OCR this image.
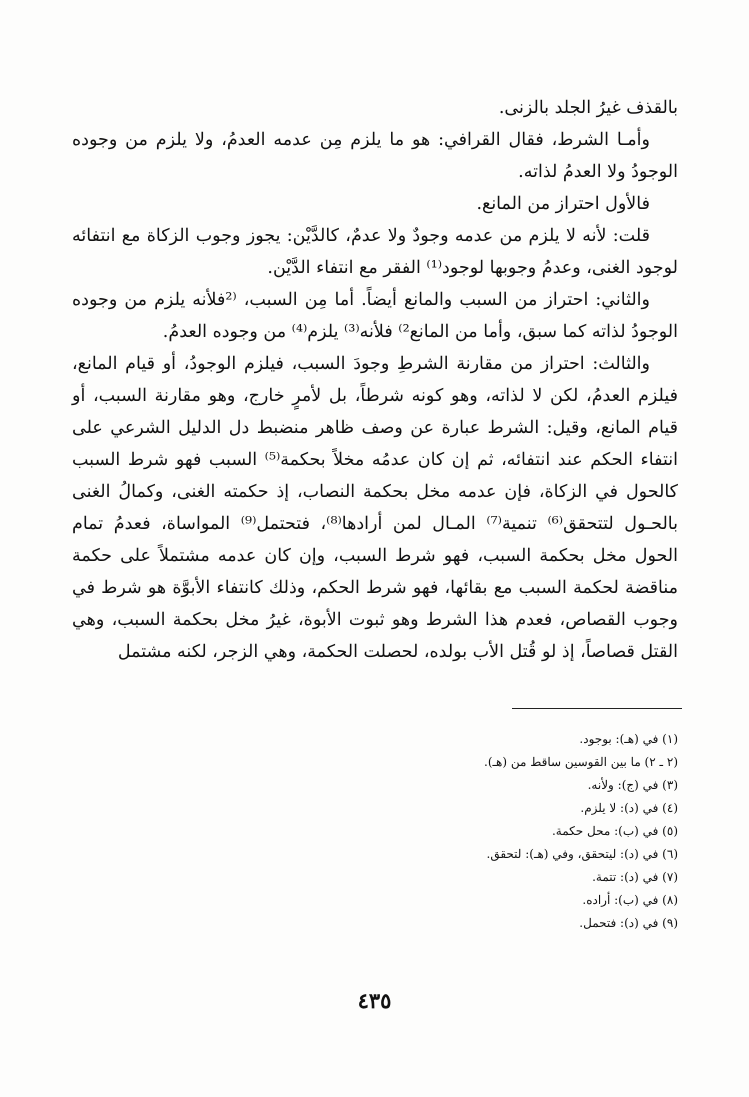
بالقذف غيرُ الجلد بالزنى.

وأمـا الشرط، فقال القرافي: هو ما يلزم مِن عدمه العدمُ، ولا يلزم من وجوده الوجودُ ولا العدمُ لذاته.

فالأول احتراز من المانع.

قلت: لأنه لا يلزم من عدمه وجودٌ ولا عدمٌ، كالدَّيْن: يجوز وجوب الزكاة مع انتفائه لوجود الغنى، وعدمُ وجوبها لوجود⁽¹⁾ الفقر مع انتفاء الدَّيْن.

والثاني: احتراز من السبب والمانع أيضاً. أما مِن السبب، ⁽²فلأنه يلزم من وجوده الوجودُ لذاته كما سبق، وأما من المانع²⁾ فلأنه⁽³⁾ يلزم⁽⁴⁾ من وجوده العدمُ.

والثالث: احتراز من مقارنة الشرطِ وجودَ السبب، فيلزم الوجودُ، أو قيام المانع، فيلزم العدمُ، لكن لا لذاته، وهو كونه شرطاً، بل لأمرٍ خارج، وهو مقارنة السبب، أو قيام المانع، وقيل: الشرط عبارة عن وصف ظاهر منضبط دل الدليل الشرعي على انتفاء الحكم عند انتفائه، ثم إن كان عدمُه مخلاً بحكمة⁽⁵⁾ السبب فهو شرط السبب كالحول في الزكاة، فإن عدمه مخل بحكمة النصاب، إذ حكمته الغنى، وكمالُ الغنى بالحـول لتتحقق⁽⁶⁾ تنمية⁽⁷⁾ المـال لمن أرادها⁽⁸⁾، فتحتمل⁽⁹⁾ المواساة، فعدمُ تمام الحول مخل بحكمة السبب، فهو شرط السبب، وإن كان عدمه مشتملاً على حكمة مناقضة لحكمة السبب مع بقائها، فهو شرط الحكم، وذلك كانتفاء الأبوَّة هو شرط في وجوب القصاص، فعدم هذا الشرط وهو ثبوت الأبوة، غيرُ مخل بحكمة السبب، وهي القتل قصاصاً، إذ لو قُتل الأب بولده، لحصلت الحكمة، وهي الزجر، لكنه مشتمل

(١) في (هـ): بوجود.
(٢ ـ ٢) ما بين القوسين ساقط من (هـ).
(٣) في (ج): ولأنه.
(٤) في (د): لا يلزم.
(٥) في (ب): محل حكمة.
(٦) في (د): ليتحقق، وفي (هـ): لتحقق.
(٧) في (د): تتمة.
(٨) في (ب): أراده.
(٩) في (د): فتحمل.
٤٣٥
